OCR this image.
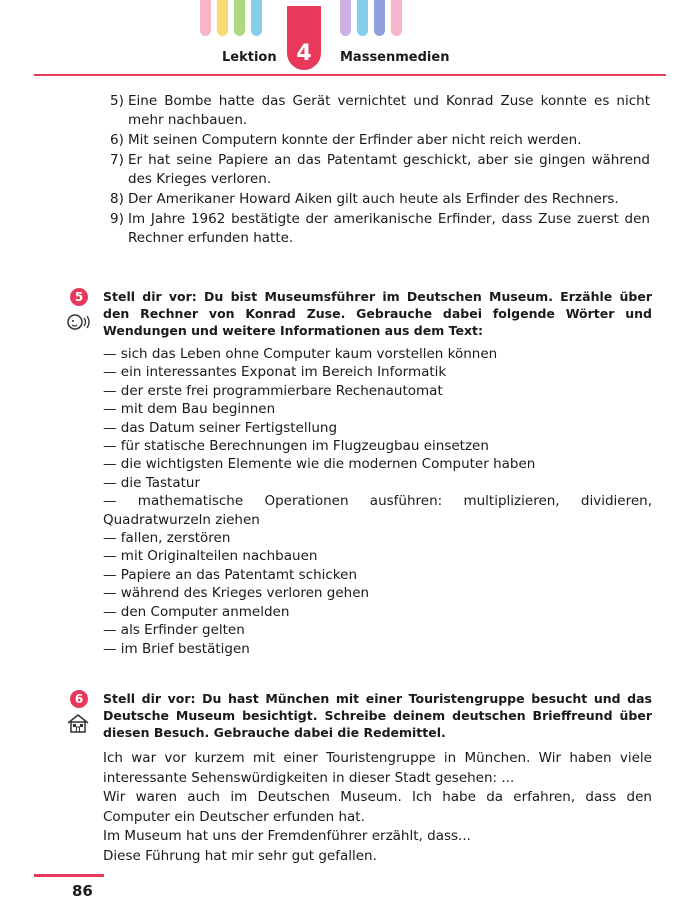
Lektion 4	Massenmedien
5) Eine Bombe hatte das Gerät vernichtet und Konrad Zuse konnte es nicht mehr nachbauen.
6) Mit seinen Computern konnte der Erfinder aber nicht reich werden.
7) Er hat seine Papiere an das Patentamt geschickt, aber sie gingen während des Krieges verloren.
8) Der Amerikaner Howard Aiken gilt auch heute als Erfinder des Rechners.
9) Im Jahre 1962 bestätigte der amerikanische Erfinder, dass Zuse zuerst den Rechner erfunden hatte.
5	Stell dir vor: Du bist Museumsführer im Deutschen Museum. Erzähle über den Rechner von Konrad Zuse. Gebrauche dabei folgende Wörter und Wendungen und weitere Informationen aus dem Text:
— sich das Leben ohne Computer kaum vorstellen können
— ein interessantes Exponat im Bereich Informatik
— der erste frei programmierbare Rechenautomat
— mit dem Bau beginnen
— das Datum seiner Fertigstellung
— für statische Berechnungen im Flugzeugbau einsetzen
— die wichtigsten Elemente wie die modernen Computer haben
— die Tastatur
— mathematische Operationen ausführen: multiplizieren, dividieren, Quadratwurzeln ziehen
— fallen, zerstören
— mit Originalteilen nachbauen
— Papiere an das Patentamt schicken
— während des Krieges verloren gehen
— den Computer anmelden
— als Erfinder gelten
— im Brief bestätigen
6	Stell dir vor: Du hast München mit einer Touristengruppe besucht und das Deutsche Museum besichtigt. Schreibe deinem deutschen Brieffreund über diesen Besuch. Gebrauche dabei die Redemittel.

Ich war vor kurzem mit einer Touristengruppe in München. Wir haben viele interessante Sehenswürdigkeiten in dieser Stadt gesehen: ...

Wir waren auch im Deutschen Museum. Ich habe da erfahren, dass den Computer ein Deutscher erfunden hat.

Im Museum hat uns der Fremdenführer erzählt, dass...

Diese Führung hat mir sehr gut gefallen.

86
